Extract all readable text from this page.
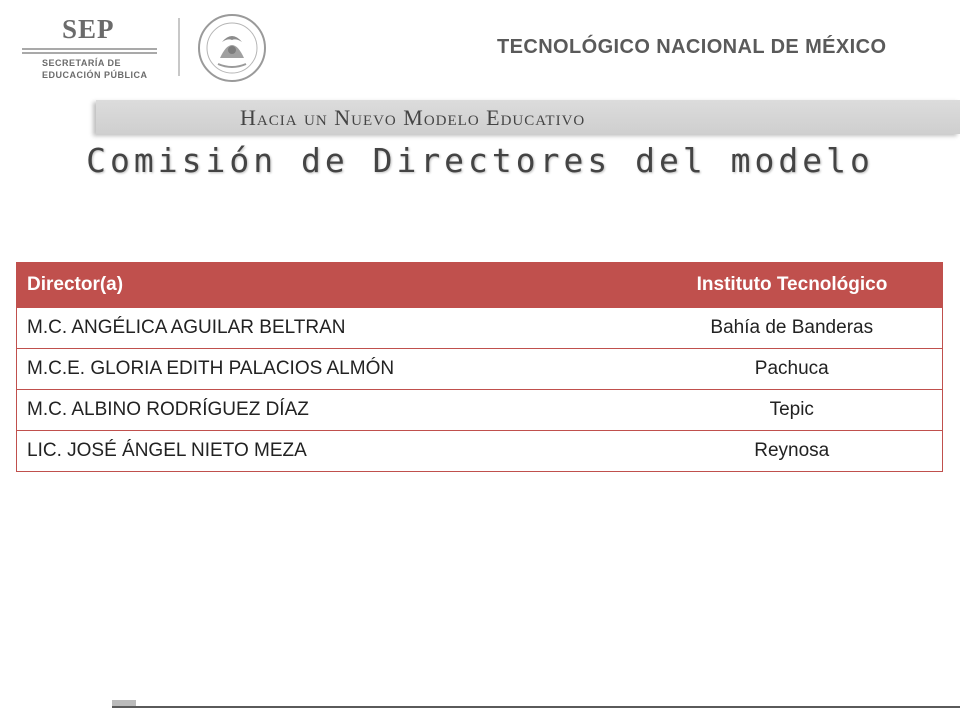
SEP
SECRETARÍA DE
EDUCACIÓN PÚBLICA
TECNOLÓGICO NACIONAL DE MÉXICO
Hacia un Nuevo Modelo Educativo
Comisión de Directores del modelo
Director(a)	Instituto Tecnológico
M.C. ANGÉLICA AGUILAR BELTRAN	Bahía de Banderas
M.C.E. GLORIA EDITH PALACIOS ALMÓN	Pachuca
M.C. ALBINO RODRÍGUEZ DÍAZ	Tepic
LIC. JOSÉ ÁNGEL NIETO MEZA	Reynosa
